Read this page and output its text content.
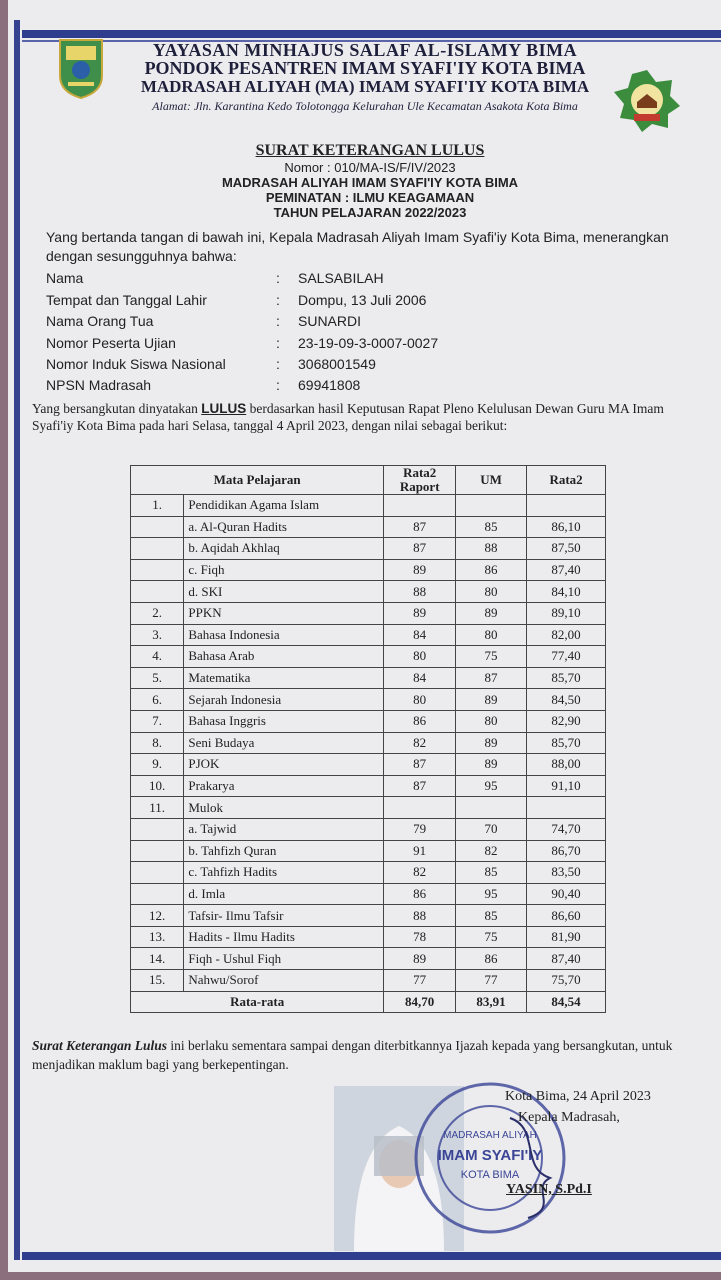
YAYASAN MINHAJUS SALAF AL-ISLAMY BIMA
PONDOK PESANTREN IMAM SYAFI'IY KOTA BIMA
MADRASAH ALIYAH (MA) IMAM SYAFI'IY KOTA BIMA
Alamat: Jln. Karantina Kedo Tolotongga Kelurahan Ule Kecamatan Asakota Kota Bima
SURAT KETERANGAN LULUS
Nomor : 010/MA-IS/F/IV/2023
MADRASAH ALIYAH IMAM SYAFI'IY KOTA BIMA
PEMINATAN : ILMU KEAGAMAAN
TAHUN PELAJARAN 2022/2023
Yang bertanda tangan di bawah ini, Kepala Madrasah Aliyah Imam Syafi'iy Kota Bima, menerangkan dengan sesungguhnya bahwa:
Nama	: SALSABILAH
Tempat dan Tanggal Lahir	: Dompu, 13 Juli 2006
Nama Orang Tua	: SUNARDI
Nomor Peserta Ujian	: 23-19-09-3-0007-0027
Nomor Induk Siswa Nasional	: 3068001549
NPSN Madrasah	: 69941808
Yang bersangkutan dinyatakan LULUS berdasarkan hasil Keputusan Rapat Pleno Kelulusan Dewan Guru MA Imam Syafi'iy Kota Bima pada hari Selasa, tanggal 4 April 2023, dengan nilai sebagai berikut:
Mata Pelajaran		Rata2 Raport	UM	Rata2
1.	Pendidikan Agama Islam			
	a. Al-Quran Hadits	87	85	86,10
	b. Aqidah Akhlaq	87	88	87,50
	c. Fiqh	89	86	87,40
	d. SKI	88	80	84,10
2.	PPKN	89	89	89,10
3.	Bahasa Indonesia	84	80	82,00
4.	Bahasa Arab	80	75	77,40
5.	Matematika	84	87	85,70
6.	Sejarah Indonesia	80	89	84,50
7.	Bahasa Inggris	86	80	82,90
8.	Seni Budaya	82	89	85,70
9.	PJOK	87	89	88,00
10.	Prakarya	87	95	91,10
11.	Mulok			
	a. Tajwid	79	70	74,70
	b. Tahfizh Quran	91	82	86,70
	c. Tahfizh Hadits	82	85	83,50
	d. Imla	86	95	90,40
12.	Tafsir- Ilmu Tafsir	88	85	86,60
13.	Hadits - Ilmu Hadits	78	75	81,90
14.	Fiqh - Ushul Fiqh	89	86	87,40
15.	Nahwu/Sorof	77	77	75,70
Rata-rata		84,70	83,91	84,54
Surat Keterangan Lulus ini berlaku sementara sampai dengan diterbitkannya Ijazah kepada yang bersangkutan, untuk menjadikan maklum bagi yang berkepentingan.
MADRASAH ALIYAH
IMAM SYAFI'IY
KOTA BIMA
Kota Bima, 24 April 2023
Kepala Madrasah,
YASIN, S.Pd.I
